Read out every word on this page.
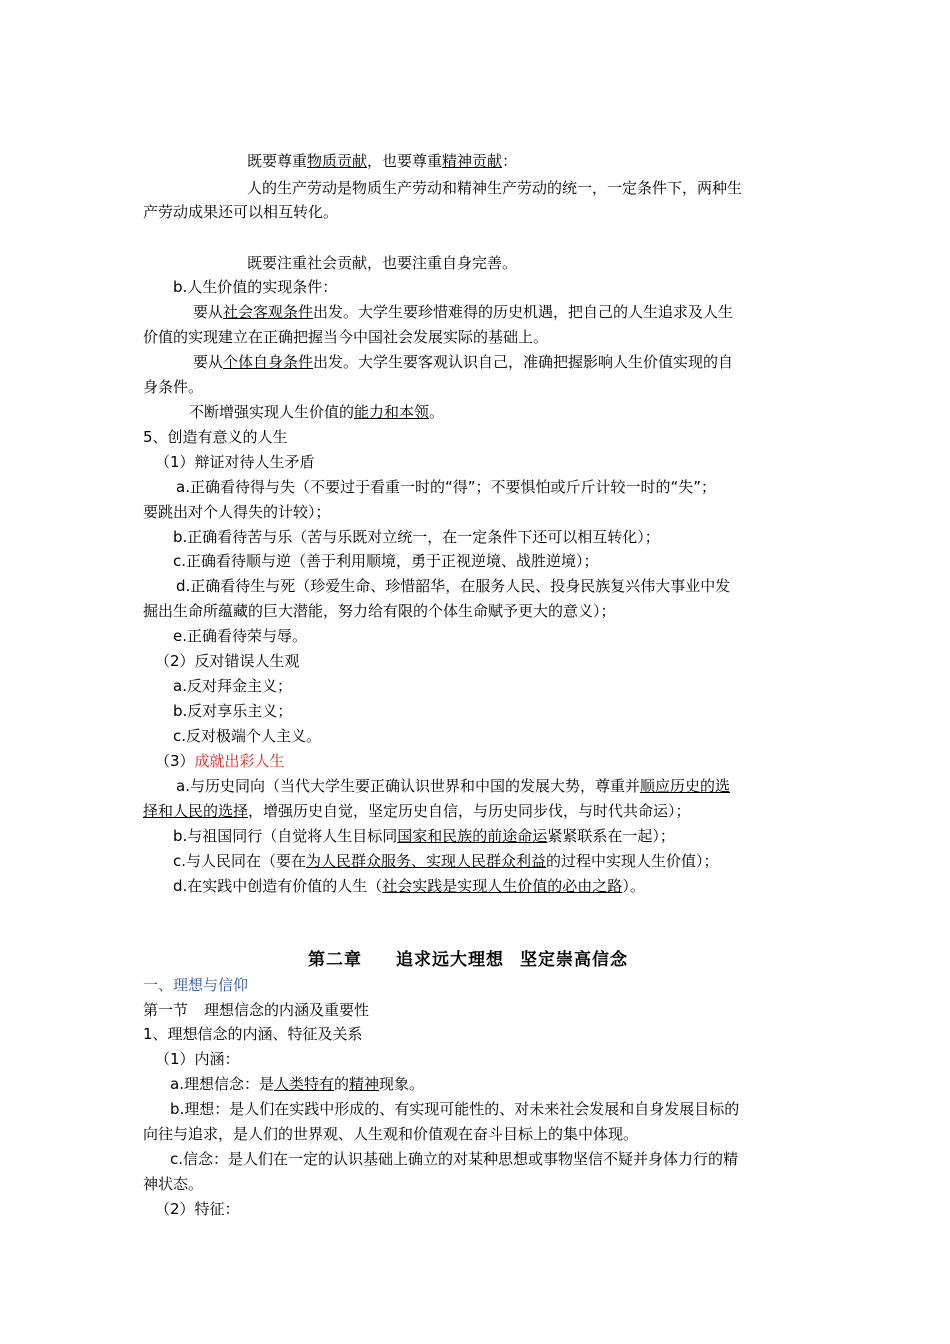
既要尊重物质贡献，也要尊重精神贡献：
人的生产劳动是物质生产劳动和精神生产劳动的统一，一定条件下，两种生
产劳动成果还可以相互转化。
既要注重社会贡献，也要注重自身完善。
b.人生价值的实现条件：
要从社会客观条件出发。大学生要珍惜难得的历史机遇，把自己的人生追求及人生
价值的实现建立在正确把握当今中国社会发展实际的基础上。
要从个体自身条件出发。大学生要客观认识自己，准确把握影响人生价值实现的自
身条件。
不断增强实现人生价值的能力和本领。
5、创造有意义的人生
（1）辩证对待人生矛盾
a.正确看待得与失（不要过于看重一时的“得”；不要惧怕或斤斤计较一时的“失”；
要跳出对个人得失的计较）；
b.正确看待苦与乐（苦与乐既对立统一，在一定条件下还可以相互转化）；
c.正确看待顺与逆（善于利用顺境，勇于正视逆境、战胜逆境）；
d.正确看待生与死（珍爱生命、珍惜韶华，在服务人民、投身民族复兴伟大事业中发
掘出生命所蕴藏的巨大潜能，努力给有限的个体生命赋予更大的意义）；
e.正确看待荣与辱。
（2）反对错误人生观
a.反对拜金主义；
b.反对享乐主义；
c.反对极端个人主义。
（3）成就出彩人生
a.与历史同向（当代大学生要正确认识世界和中国的发展大势，尊重并顺应历史的选
择和人民的选择，增强历史自觉，坚定历史自信，与历史同步伐，与时代共命运）；
b.与祖国同行（自觉将人生目标同国家和民族的前途命运紧紧联系在一起）；
c.与人民同在（要在为人民群众服务、实现人民群众利益的过程中实现人生价值）；
d.在实践中创造有价值的人生（社会实践是实现人生价值的必由之路）。
第二章 追求远大理想 坚定崇高信念
一、理想与信仰
第一节 理想信念的内涵及重要性
1、理想信念的内涵、特征及关系
（1）内涵：
a.理想信念：是人类特有的精神现象。
b.理想：是人们在实践中形成的、有实现可能性的、对未来社会发展和自身发展目标的
向往与追求，是人们的世界观、人生观和价值观在奋斗目标上的集中体现。
c.信念：是人们在一定的认识基础上确立的对某种思想或事物坚信不疑并身体力行的精
神状态。
（2）特征：
